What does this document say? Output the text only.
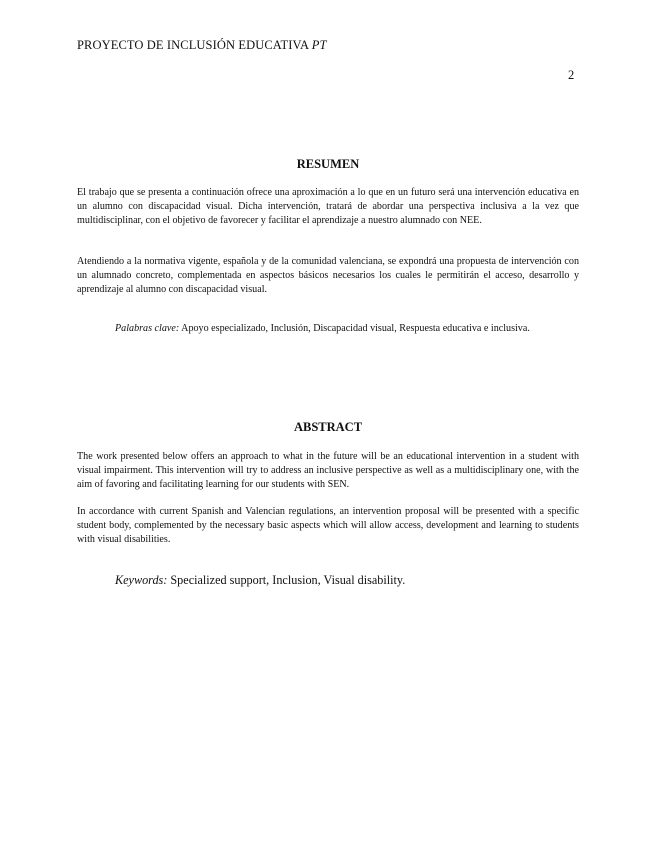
PROYECTO DE INCLUSIÓN EDUCATIVA PT
2
RESUMEN

El trabajo que se presenta a continuación ofrece una aproximación a lo que en un futuro será una intervención educativa en un alumno con discapacidad visual. Dicha intervención, tratará de abordar una perspectiva inclusiva a la vez que multidisciplinar, con el objetivo de favorecer y facilitar el aprendizaje a nuestro alumnado con NEE.

Atendiendo a la normativa vigente, española y de la comunidad valenciana, se expondrá una propuesta de intervención con un alumnado concreto, complementada en aspectos básicos necesarios los cuales le permitirán el acceso, desarrollo y aprendizaje al alumno con discapacidad visual.

Palabras clave: Apoyo especializado, Inclusión, Discapacidad visual, Respuesta educativa e inclusiva.

ABSTRACT

The work presented below offers an approach to what in the future will be an educational intervention in a student with visual impairment. This intervention will try to address an inclusive perspective as well as a multidisciplinary one, with the aim of favoring and facilitating learning for our students with SEN.

In accordance with current Spanish and Valencian regulations, an intervention proposal will be presented with a specific student body, complemented by the necessary basic aspects which will allow access, development and learning to students with visual disabilities.

Keywords: Specialized support, Inclusion, Visual disability.
